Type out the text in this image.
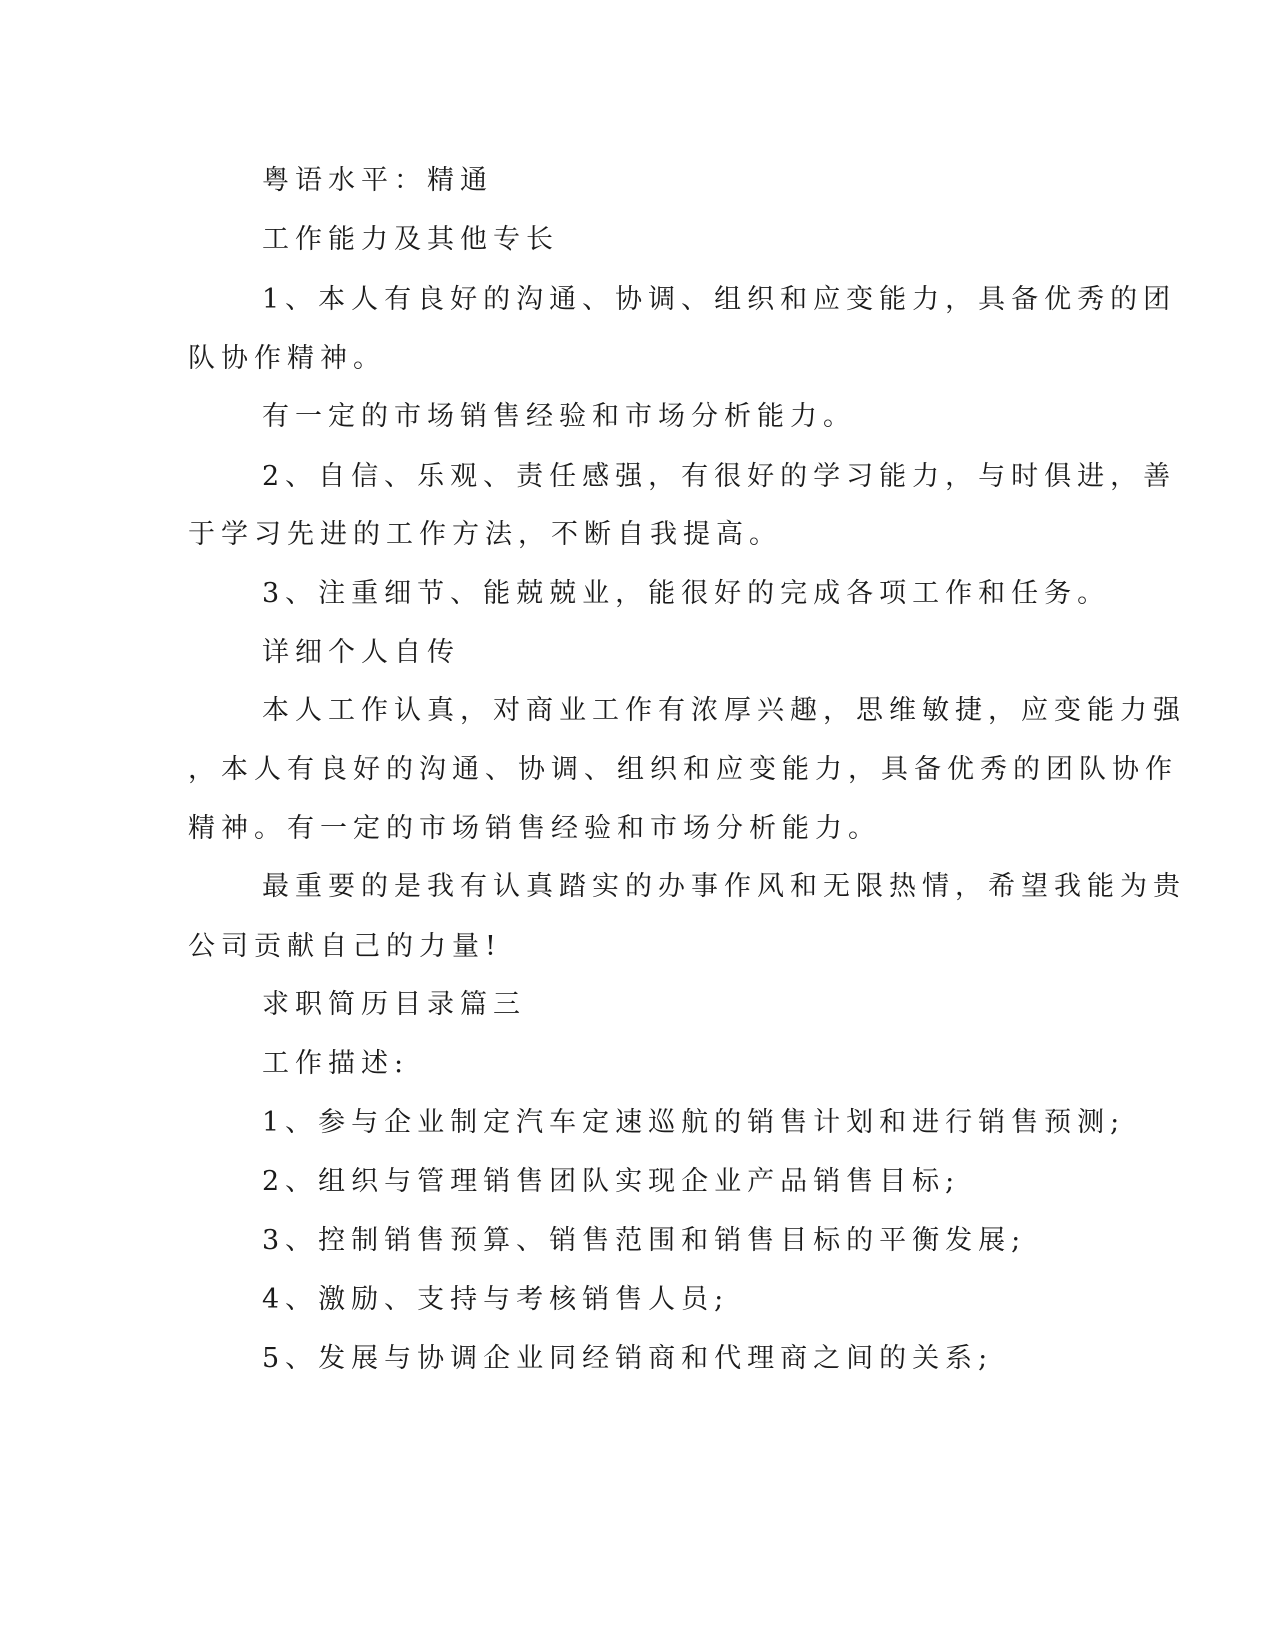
粤语水平：精通
工作能力及其他专长
1、本人有良好的沟通、协调、组织和应变能力，具备优秀的团
队协作精神。
有一定的市场销售经验和市场分析能力。
2、自信、乐观、责任感强，有很好的学习能力，与时俱进，善
于学习先进的工作方法，不断自我提高。
3、注重细节、能兢兢业，能很好的完成各项工作和任务。
详细个人自传
本人工作认真，对商业工作有浓厚兴趣，思维敏捷，应变能力强
，本人有良好的沟通、协调、组织和应变能力，具备优秀的团队协作
精神。有一定的市场销售经验和市场分析能力。
最重要的是我有认真踏实的办事作风和无限热情，希望我能为贵
公司贡献自己的力量!
求职简历目录篇三
工作描述:
1、参与企业制定汽车定速巡航的销售计划和进行销售预测;
2、组织与管理销售团队实现企业产品销售目标;
3、控制销售预算、销售范围和销售目标的平衡发展;
4、激励、支持与考核销售人员;
5、发展与协调企业同经销商和代理商之间的关系;
